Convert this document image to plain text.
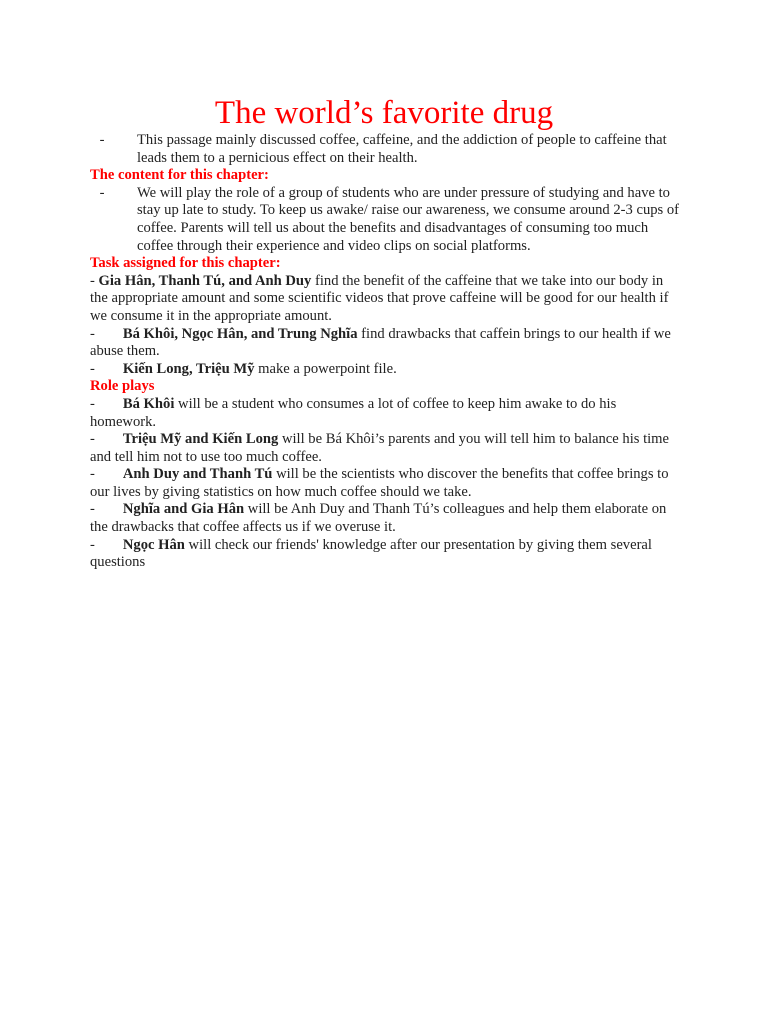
The world’s favorite drug
-	This passage mainly discussed coffee, caffeine, and the addiction of people to caffeine that leads them to a pernicious effect on their health.

The content for this chapter:

-	We will play the role of a group of students who are under pressure of studying and have to stay up late to study. To keep us awake/ raise our awareness, we consume around 2-3 cups of coffee. Parents will tell us about the benefits and disadvantages of consuming too much coffee through their experience and video clips on social platforms.

Task assigned for this chapter:

- Gia Hân, Thanh Tú, and Anh Duy find the benefit of the caffeine that we take into our body in the appropriate amount and some scientific videos that prove caffeine will be good for our health if we consume it in the appropriate amount.

- Bá Khôi, Ngọc Hân, and Trung Nghĩa find drawbacks that caffein brings to our health if we abuse them.

- Kiến Long, Triệu Mỹ make a powerpoint file.

Role plays

- Bá Khôi will be a student who consumes a lot of coffee to keep him awake to do his homework.

- Triệu Mỹ and Kiến Long will be Bá Khôi’s parents and you will tell him to balance his time and tell him not to use too much coffee.

- Anh Duy and Thanh Tú will be the scientists who discover the benefits that coffee brings to our lives by giving statistics on how much coffee should we take.

- Nghĩa and Gia Hân will be Anh Duy and Thanh Tú’s colleagues and help them elaborate on the drawbacks that coffee affects us if we overuse it.

- Ngọc Hân will check our friends' knowledge after our presentation by giving them several questions
